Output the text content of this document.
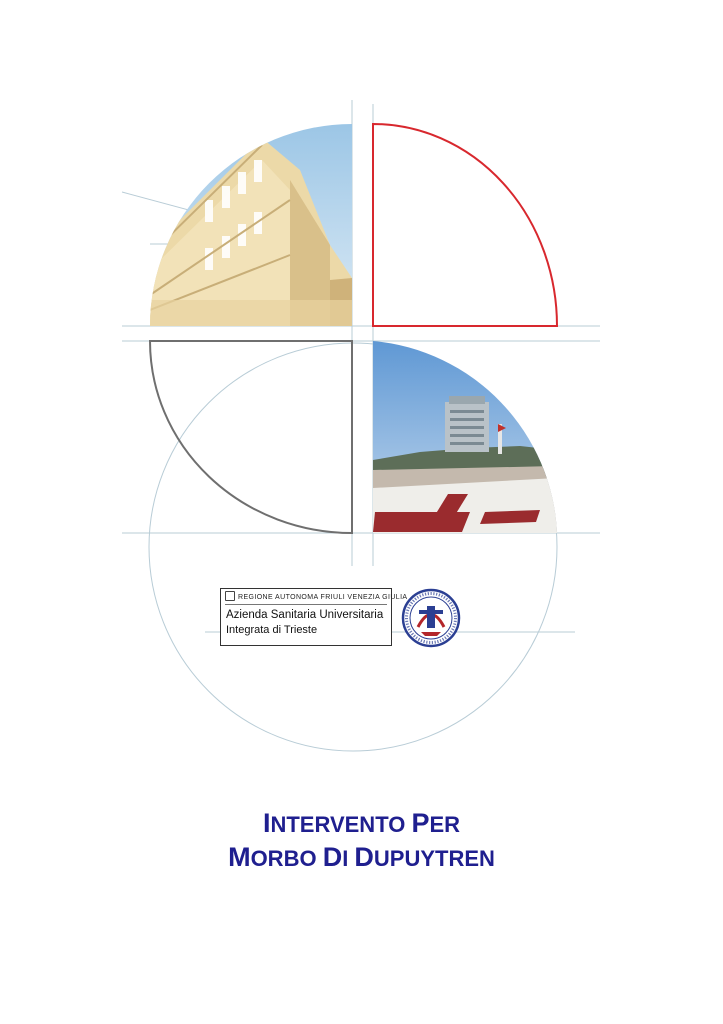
REGIONE AUTONOMA FRIULI VENEZIA GIULIA
Azienda Sanitaria Universitaria
Integrata di Trieste
INTERVENTO PER
MORBO DI DUPUYTREN
